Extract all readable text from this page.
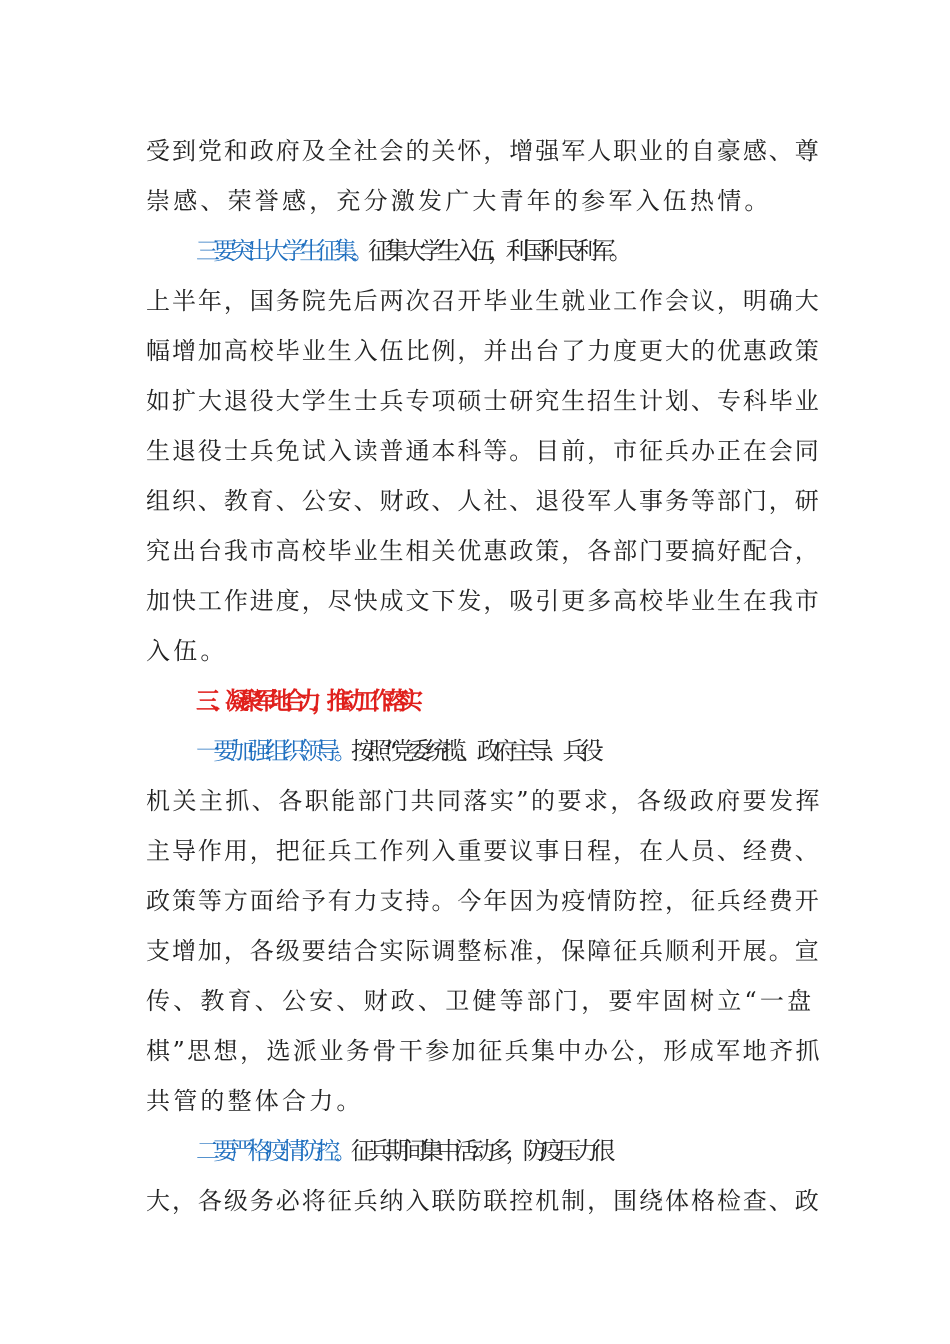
受到党和政府及全社会的关怀，增强军人职业的自豪感、尊
崇感、荣誉感，充分激发广大青年的参军入伍热情。
三要突出大学生征集。征集大学生入伍，利国利民利军。
上半年，国务院先后两次召开毕业生就业工作会议，明确大
幅增加高校毕业生入伍比例，并出台了力度更大的优惠政策
如扩大退役大学生士兵专项硕士研究生招生计划、专科毕业
生退役士兵免试入读普通本科等。目前，市征兵办正在会同
组织、教育、公安、财政、人社、退役军人事务等部门，研
究出台我市高校毕业生相关优惠政策，各部门要搞好配合，
加快工作进度，尽快成文下发，吸引更多高校毕业生在我市
入伍。
三、凝聚军地合力，推动工作落实
一要加强组织领导。按照“党委统揽、政府主导、兵役
机关主抓、各职能部门共同落实”的要求，各级政府要发挥
主导作用，把征兵工作列入重要议事日程，在人员、经费、
政策等方面给予有力支持。今年因为疫情防控，征兵经费开
支增加，各级要结合实际调整标准，保障征兵顺利开展。宣
传、教育、公安、财政、卫健等部门，要牢固树立“一盘
棋”思想，选派业务骨干参加征兵集中办公，形成军地齐抓
共管的整体合力。
二要严格疫情防控。征兵期间集中活动多，防疫压力很
大，各级务必将征兵纳入联防联控机制，围绕体格检查、政
